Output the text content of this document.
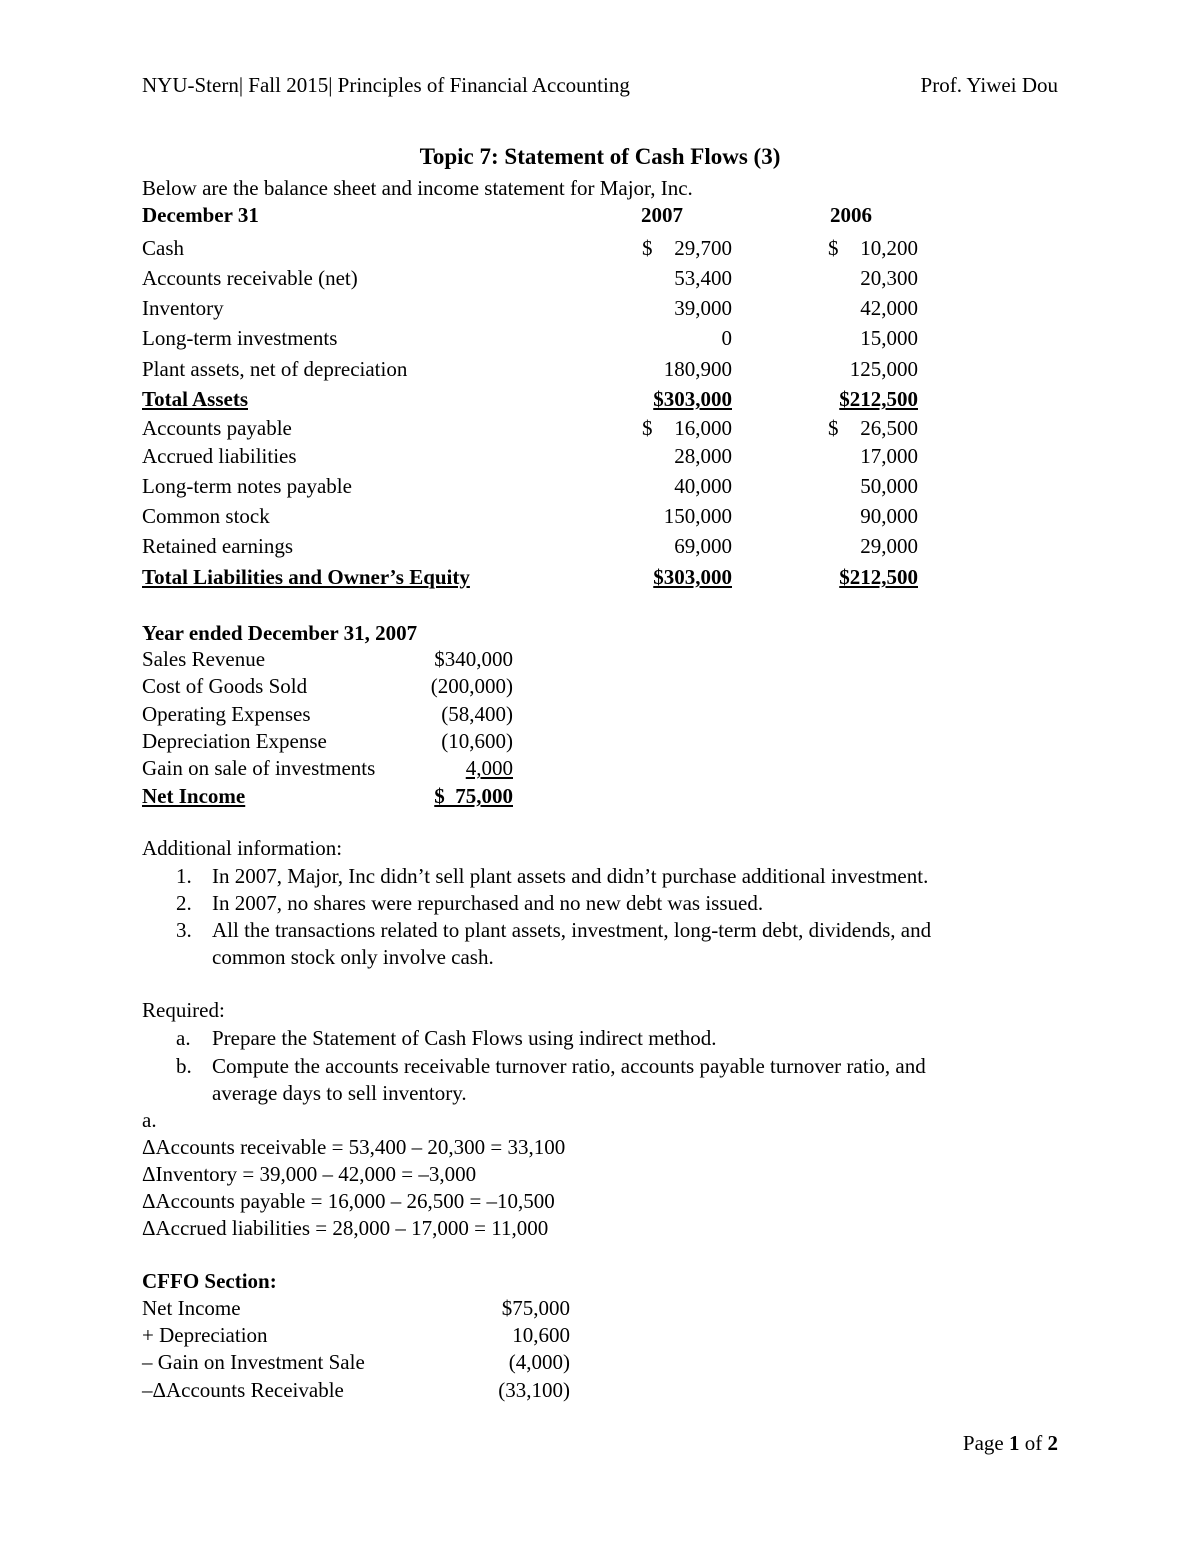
NYU-Stern| Fall 2015| Principles of Financial Accounting	Prof. Yiwei Dou
Topic 7: Statement of Cash Flows (3)
Below are the balance sheet and income statement for Major, Inc.
December 31	2007	2006
Cash	$ 29,700	$ 10,200
Accounts receivable (net)	53,400	20,300
Inventory	39,000	42,000
Long-term investments	0	15,000
Plant assets, net of depreciation	180,900	125,000
Total Assets	$303,000	$212,500
Accounts payable	$ 16,000	$ 26,500
Accrued liabilities	28,000	17,000
Long-term notes payable	40,000	50,000
Common stock	150,000	90,000
Retained earnings	69,000	29,000
Total Liabilities and Owner’s Equity	$303,000	$212,500
Year ended December 31, 2007
Sales Revenue	$340,000
Cost of Goods Sold	(200,000)
Operating Expenses	(58,400)
Depreciation Expense	(10,600)
Gain on sale of investments	4,000
Net Income	$  75,000
Additional information:
1. In 2007, Major, Inc didn’t sell plant assets and didn’t purchase additional investment.
2. In 2007, no shares were repurchased and no new debt was issued.
3. All the transactions related to plant assets, investment, long-term debt, dividends, and
common stock only involve cash.
Required:
a. Prepare the Statement of Cash Flows using indirect method.
b. Compute the accounts receivable turnover ratio, accounts payable turnover ratio, and
average days to sell inventory.
a.
ΔAccounts receivable = 53,400 – 20,300 = 33,100
ΔInventory = 39,000 – 42,000 = –3,000
ΔAccounts payable = 16,000 – 26,500 = –10,500
ΔAccrued liabilities = 28,000 – 17,000 = 11,000
CFFO Section:
Net Income	$75,000
+ Depreciation	10,600
– Gain on Investment Sale	(4,000)
–ΔAccounts Receivable	(33,100)
Page 1 of 2
